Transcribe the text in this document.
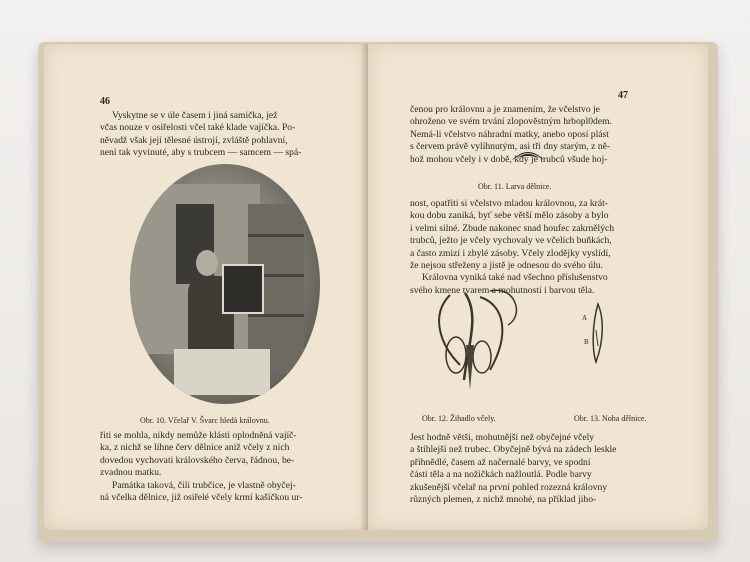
46

Vyskytne se v úle časem i jiná samička, jež

včas nouze v osiřelosti včel také klade vajíčka. Po-

něvadž však její tělesné ústrojí, zvláště pohlavní,

není tak vyvinuté, aby s trubcem — samcem — spá-

Obr. 10. Včelař V. Švarc hledá královnu.

řiti se mohla, nikdy nemůže klásti oplodněná vajíč-

ka, z nichž se líhne červ dělnice aniž včely z nich

dovedou vychovati královského červa, řádnou, be-

zvadnou matku.

Památka taková, čili trubčice, je vlastně obyčej-

ná včelka dělnice, již osiřelé včely krmí kašičkou ur-

47

čenou pro královnu a je znamením, že včelstvo je

ohroženo ve svém trvání zlopověstným hrbopl0dem.

Nemá-li včelstvo náhradní matky, anebo oposí plást

s červem právě vylíhnutým, asi tři dny starým, z ně-

hož mohou včely i v době, kdy je trubců všude hoj-

Obr. 11. Larva dělnice.

nost, opatřiti si včelstvo mladou královnou, za krát-

kou dobu zaniká, byť sebe větší mělo zásoby a bylo

i velmi silné. Zbude nakonec snad houfec zakrnělých

trubců, ježto je včely vychovaly ve včelích buňkách,

a často zmizí i zbylé zásoby. Včely zlodějky vyslídí,

že nejsou střeženy a jistě je odnesou do svého úlu.

Královna vyniká také nad všechno příslušenstvo

svého kmene tvarem a mohutností i barvou těla.

Obr. 12. Žihadlo včely.	Obr. 13. Noha dělnice.

Jest hodně větší, mohutnější než obyčejné včely

a štíhlejší než trubec. Obyčejně bývá na zádech leskle

přihnědlé, časem až načernalé barvy, ve spodní

části těla a na nožičkách nažloutlá. Podle barvy

zkušenější včelař na první pohled rozezná královny

různých plemen, z nichž mnohé, na příklad jiho-

A
B
